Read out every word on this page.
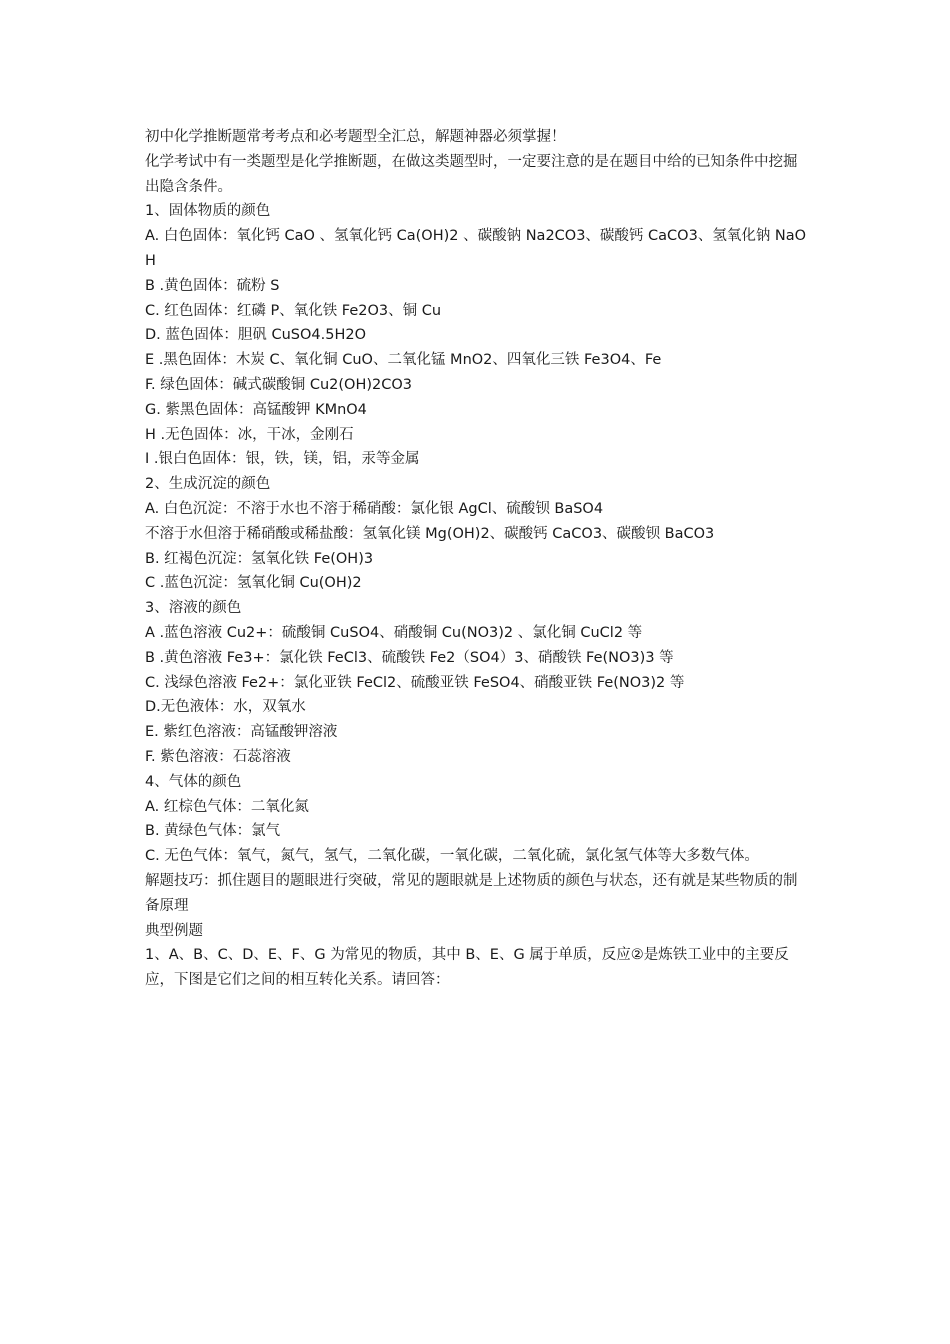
初中化学推断题常考考点和必考题型全汇总，解题神器必须掌握！

化学考试中有一类题型是化学推断题，在做这类题型时，一定要注意的是在题目中给的已知条件中挖掘出隐含条件。

1、固体物质的颜色

A. 白色固体：氧化钙 CaO 、氢氧化钙 Ca(OH)2 、碳酸钠 Na2CO3、碳酸钙 CaCO3、氢氧化钠 NaOH

B .黄色固体：硫粉 S

C. 红色固体：红磷 P、氧化铁 Fe2O3、铜 Cu

D. 蓝色固体：胆矾 CuSO4.5H2O

E .黑色固体：木炭 C、氧化铜 CuO、二氧化锰 MnO2、四氧化三铁 Fe3O4、Fe

F. 绿色固体：碱式碳酸铜 Cu2(OH)2CO3

G. 紫黑色固体：高锰酸钾 KMnO4

H .无色固体：冰，干冰，金刚石

I .银白色固体：银，铁，镁，铝，汞等金属

2、生成沉淀的颜色

A. 白色沉淀：不溶于水也不溶于稀硝酸：氯化银 AgCl、硫酸钡 BaSO4

不溶于水但溶于稀硝酸或稀盐酸：氢氧化镁 Mg(OH)2、碳酸钙 CaCO3、碳酸钡 BaCO3

B. 红褐色沉淀：氢氧化铁 Fe(OH)3

C .蓝色沉淀：氢氧化铜 Cu(OH)2

3、溶液的颜色

A .蓝色溶液 Cu2+：硫酸铜 CuSO4、硝酸铜 Cu(NO3)2 、氯化铜 CuCl2 等

B .黄色溶液 Fe3+：氯化铁 FeCl3、硫酸铁 Fe2（SO4）3、硝酸铁 Fe(NO3)3 等

C. 浅绿色溶液 Fe2+：氯化亚铁 FeCl2、硫酸亚铁 FeSO4、硝酸亚铁 Fe(NO3)2 等

D.无色液体：水，双氧水

E. 紫红色溶液：高锰酸钾溶液

F. 紫色溶液：石蕊溶液

4、气体的颜色

A. 红棕色气体：二氧化氮

B. 黄绿色气体：氯气

C. 无色气体：氧气，氮气，氢气，二氧化碳，一氧化碳，二氧化硫，氯化氢气体等大多数气体。

解题技巧：抓住题目的题眼进行突破，常见的题眼就是上述物质的颜色与状态，还有就是某些物质的制备原理

典型例题

1、A、B、C、D、E、F、G 为常见的物质，其中 B、E、G 属于单质，反应②是炼铁工业中的主要反应，下图是它们之间的相互转化关系。请回答：
